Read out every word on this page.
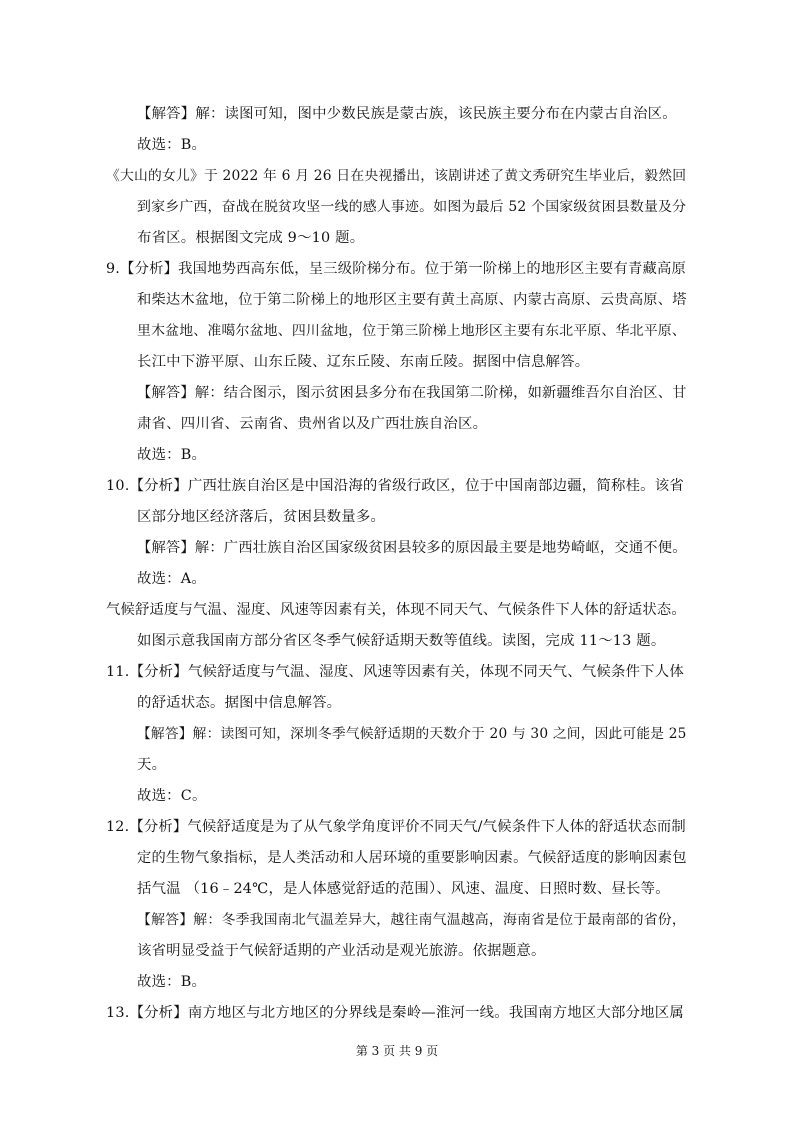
【解答】解：读图可知，图中少数民族是蒙古族，该民族主要分布在内蒙古自治区。

故选：B。

《大山的女儿》于 2022 年 6 月 26 日在央视播出，该剧讲述了黄文秀研究生毕业后，毅然回

到家乡广西，奋战在脱贫攻坚一线的感人事迹。如图为最后 52 个国家级贫困县数量及分

布省区。根据图文完成 9～10 题。

9.【分析】我国地势西高东低，呈三级阶梯分布。位于第一阶梯上的地形区主要有青藏高原

和柴达木盆地，位于第二阶梯上的地形区主要有黄土高原、内蒙古高原、云贵高原、塔

里木盆地、准噶尔盆地、四川盆地，位于第三阶梯上地形区主要有东北平原、华北平原、

长江中下游平原、山东丘陵、辽东丘陵、东南丘陵。据图中信息解答。

【解答】解：结合图示，图示贫困县多分布在我国第二阶梯，如新疆维吾尔自治区、甘

肃省、四川省、云南省、贵州省以及广西壮族自治区。

故选：B。

10.【分析】广西壮族自治区是中国沿海的省级行政区，位于中国南部边疆，简称桂。该省

区部分地区经济落后，贫困县数量多。

【解答】解：广西壮族自治区国家级贫困县较多的原因最主要是地势崎岖，交通不便。

故选：A。

气候舒适度与气温、湿度、风速等因素有关，体现不同天气、气候条件下人体的舒适状态。

如图示意我国南方部分省区冬季气候舒适期天数等值线。读图，完成 11～13 题。

11.【分析】气候舒适度与气温、湿度、风速等因素有关，体现不同天气、气候条件下人体

的舒适状态。据图中信息解答。

【解答】解：读图可知，深圳冬季气候舒适期的天数介于 20 与 30 之间，因此可能是 25

天。

故选：C。

12.【分析】气候舒适度是为了从气象学角度评价不同天气/气候条件下人体的舒适状态而制

定的生物气象指标，是人类活动和人居环境的重要影响因素。气候舒适度的影响因素包

括气温 （16﹣24℃，是人体感觉舒适的范围）、风速、温度、日照时数、昼长等。

【解答】解：冬季我国南北气温差异大，越往南气温越高，海南省是位于最南部的省份，

该省明显受益于气候舒适期的产业活动是观光旅游。依据题意。

故选：B。

13.【分析】南方地区与北方地区的分界线是秦岭—淮河一线。我国南方地区大部分地区属

第 3 页 共 9 页
